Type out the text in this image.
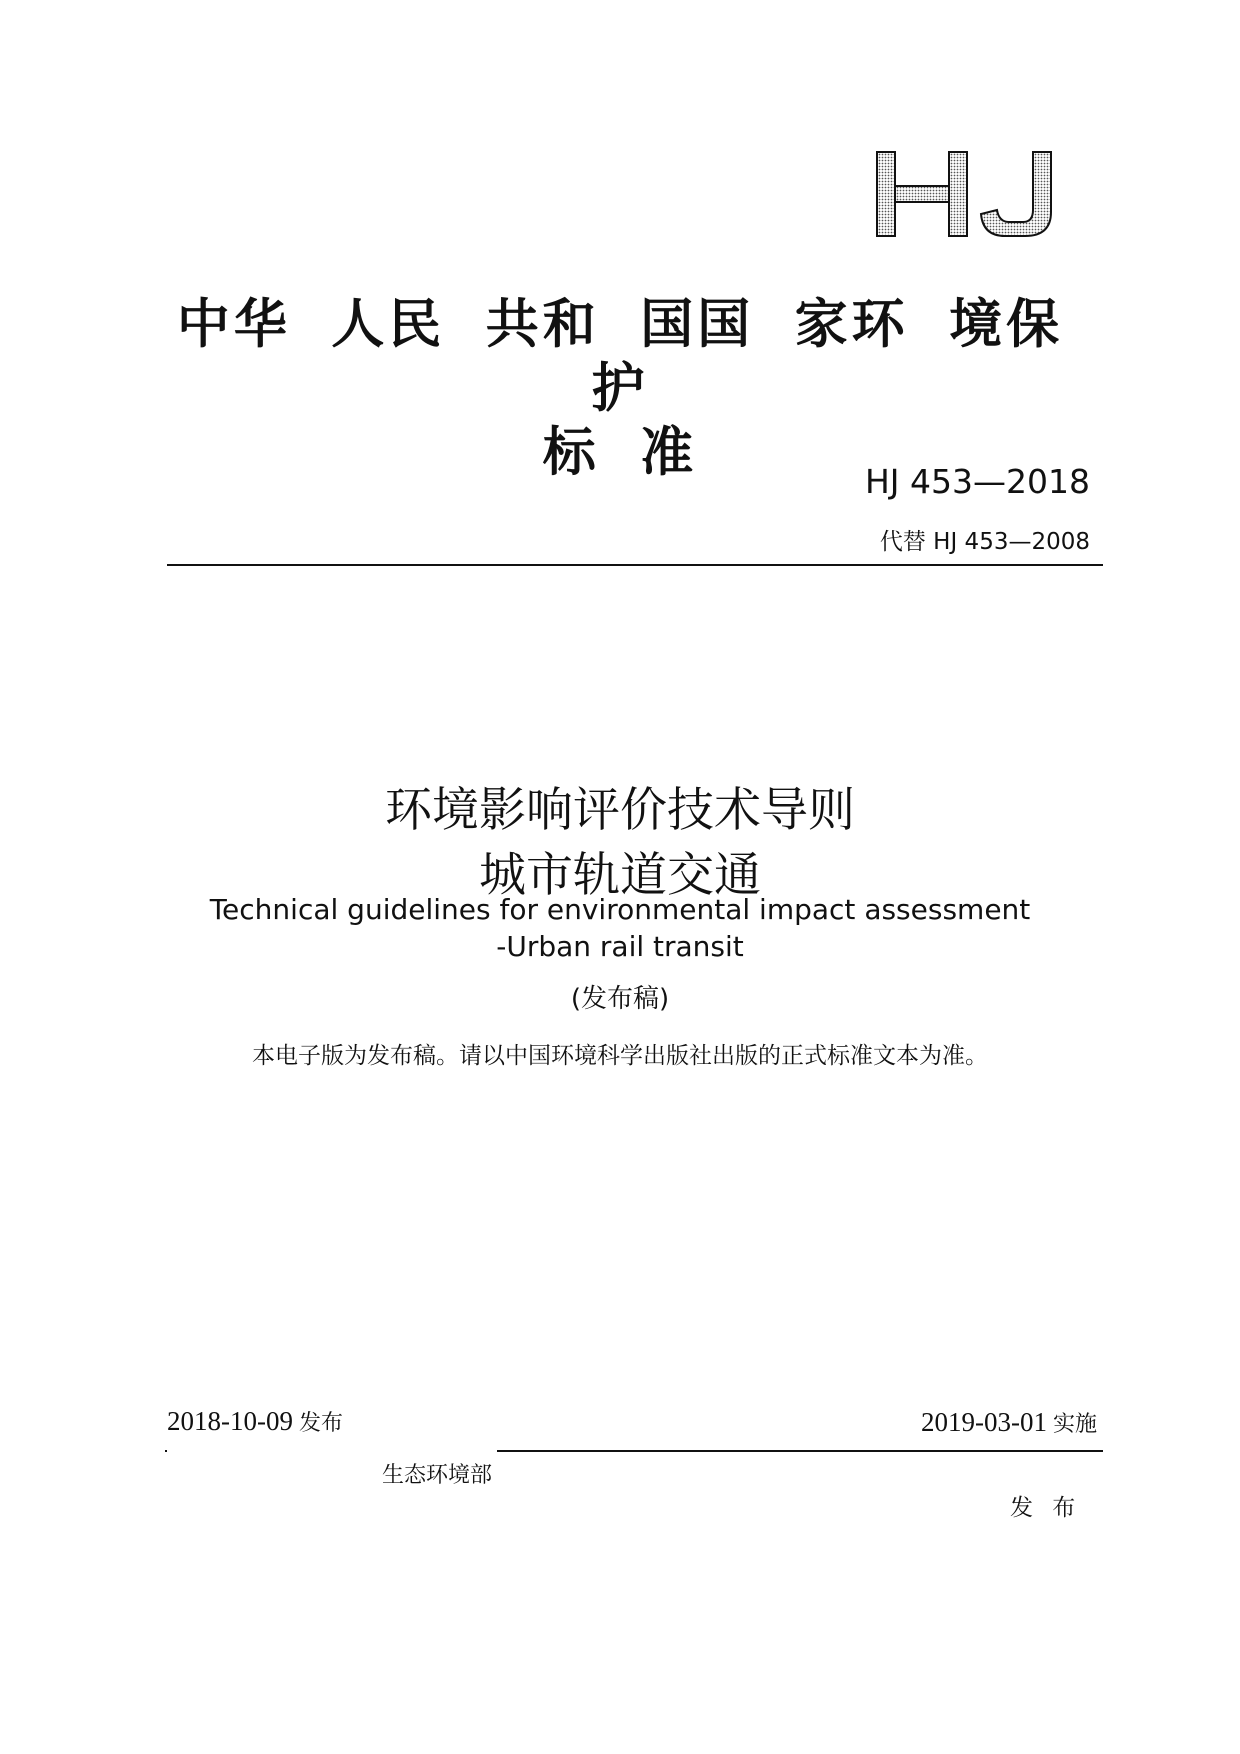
中华 人民 共和 国国 家环 境保 护
标 准	HJ 453—2018
代替 HJ 453—2008
环境影响评价技术导则
城市轨道交通
Technical guidelines for environmental impact assessment
-Urban rail transit
(发布稿)
本电子版为发布稿。请以中国环境科学出版社出版的正式标准文本为准。
2018-10-09 发布	2019-03-01 实施
生态环境部
发 布
